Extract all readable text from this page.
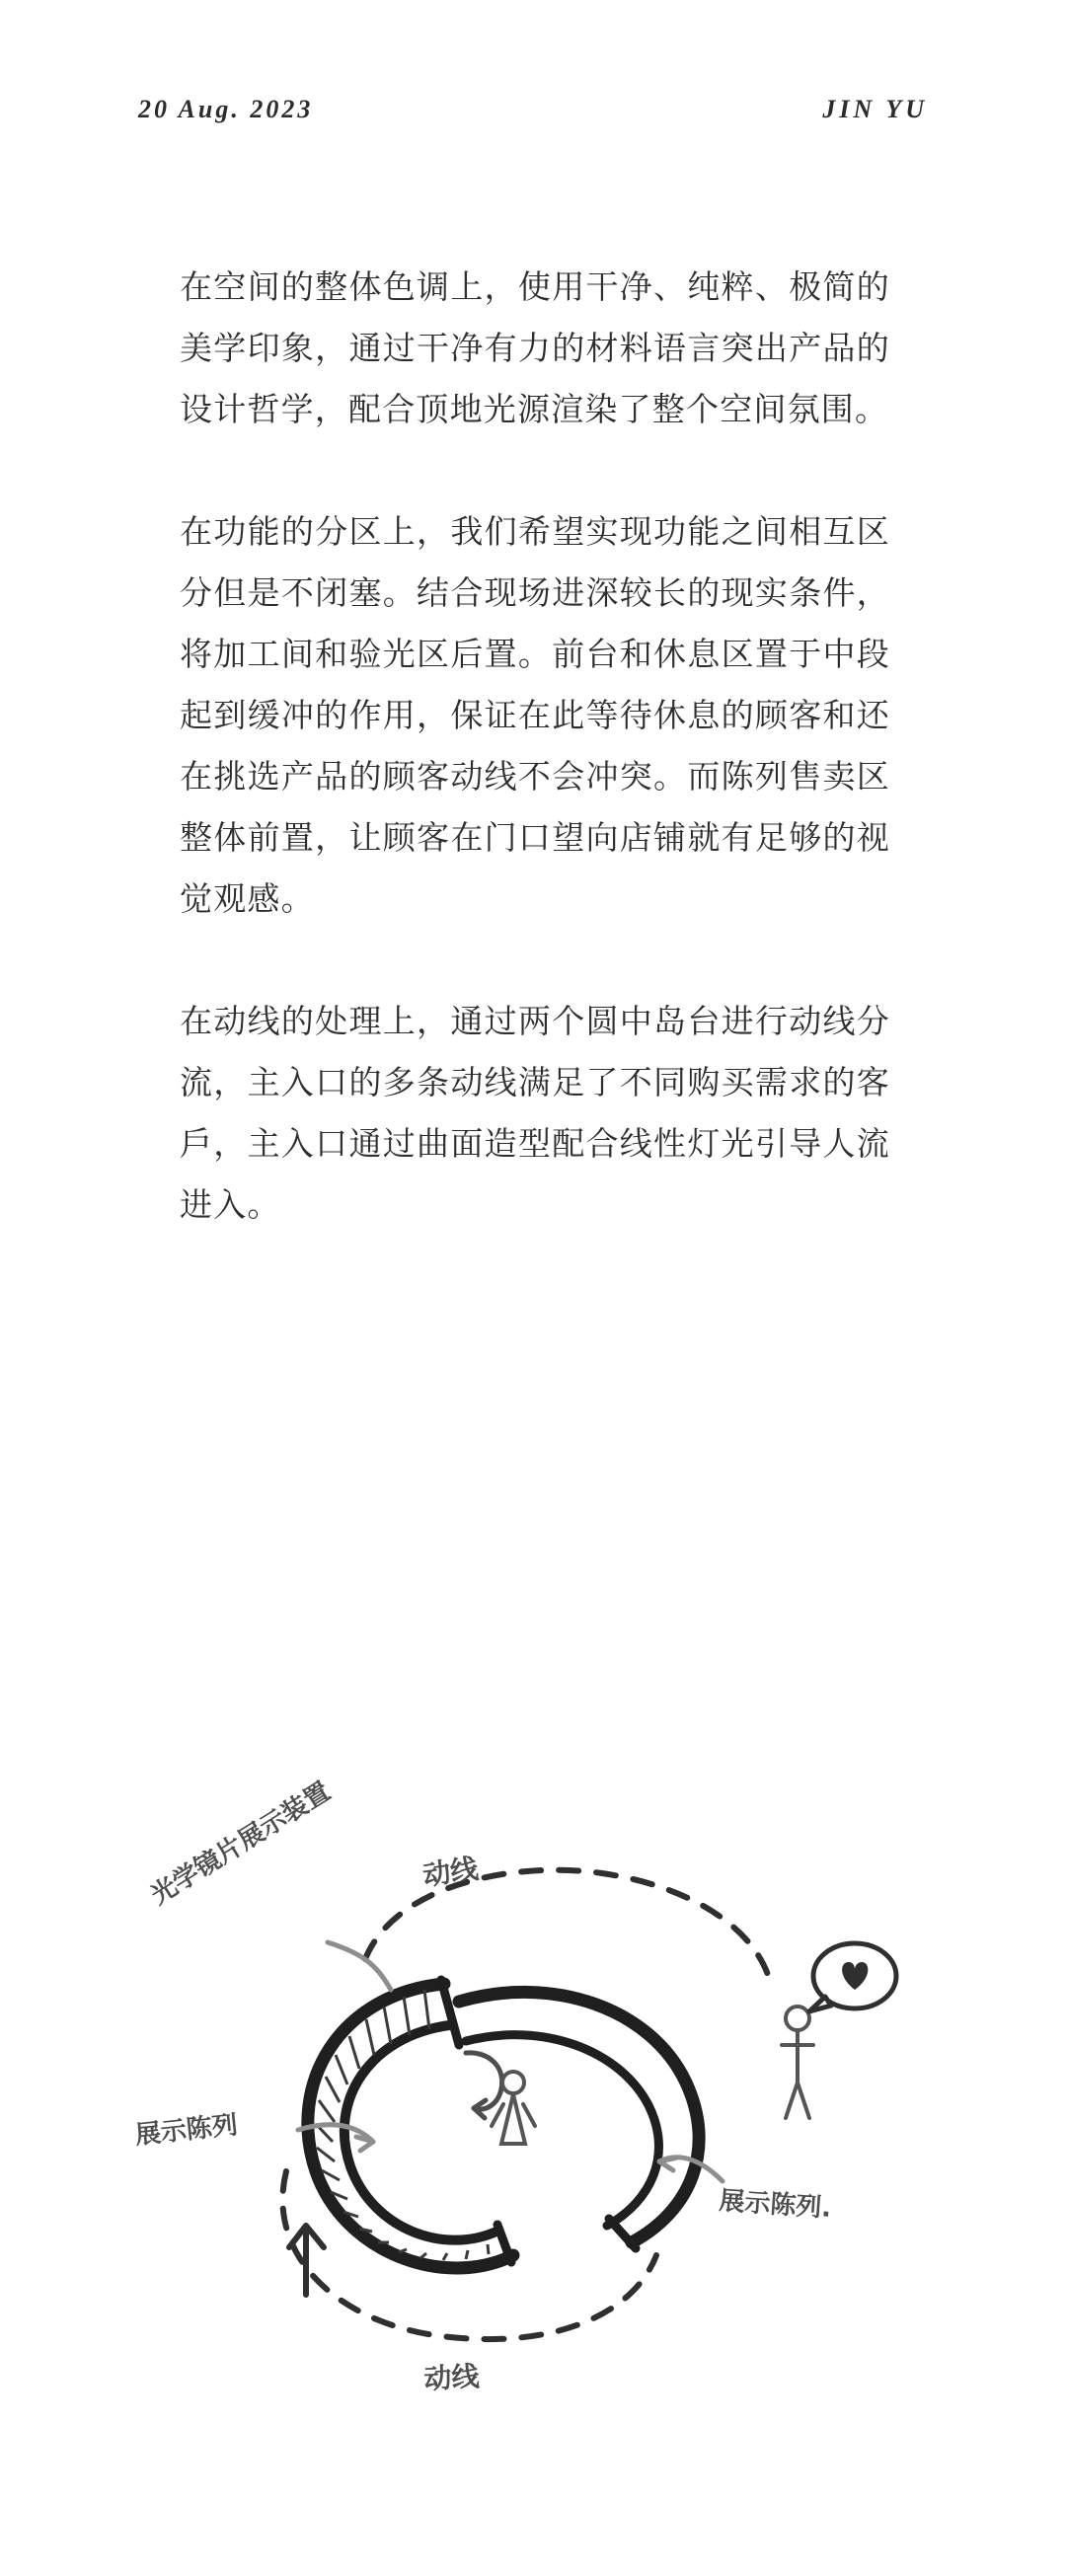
20 Aug. 2023	JIN YU

在空间的整体色调上，使用干净、纯粹、极简的美学印象，通过干净有力的材料语言突出产品的设计哲学，配合顶地光源渲染了整个空间氛围。

在功能的分区上，我们希望实现功能之间相互区分但是不闭塞。结合现场进深较长的现实条件，将加工间和验光区后置。前台和休息区置于中段起到缓冲的作用，保证在此等待休息的顾客和还在挑选产品的顾客动线不会冲突。而陈列售卖区整体前置，让顾客在门口望向店铺就有足够的视觉观感。

在动线的处理上，通过两个圆中岛台进行动线分流，主入口的多条动线满足了不同购买需求的客戶，主入口通过曲面造型配合线性灯光引导人流进入。

动线
动线
光学镜片展示装置
展示陈列
展示陈列.
